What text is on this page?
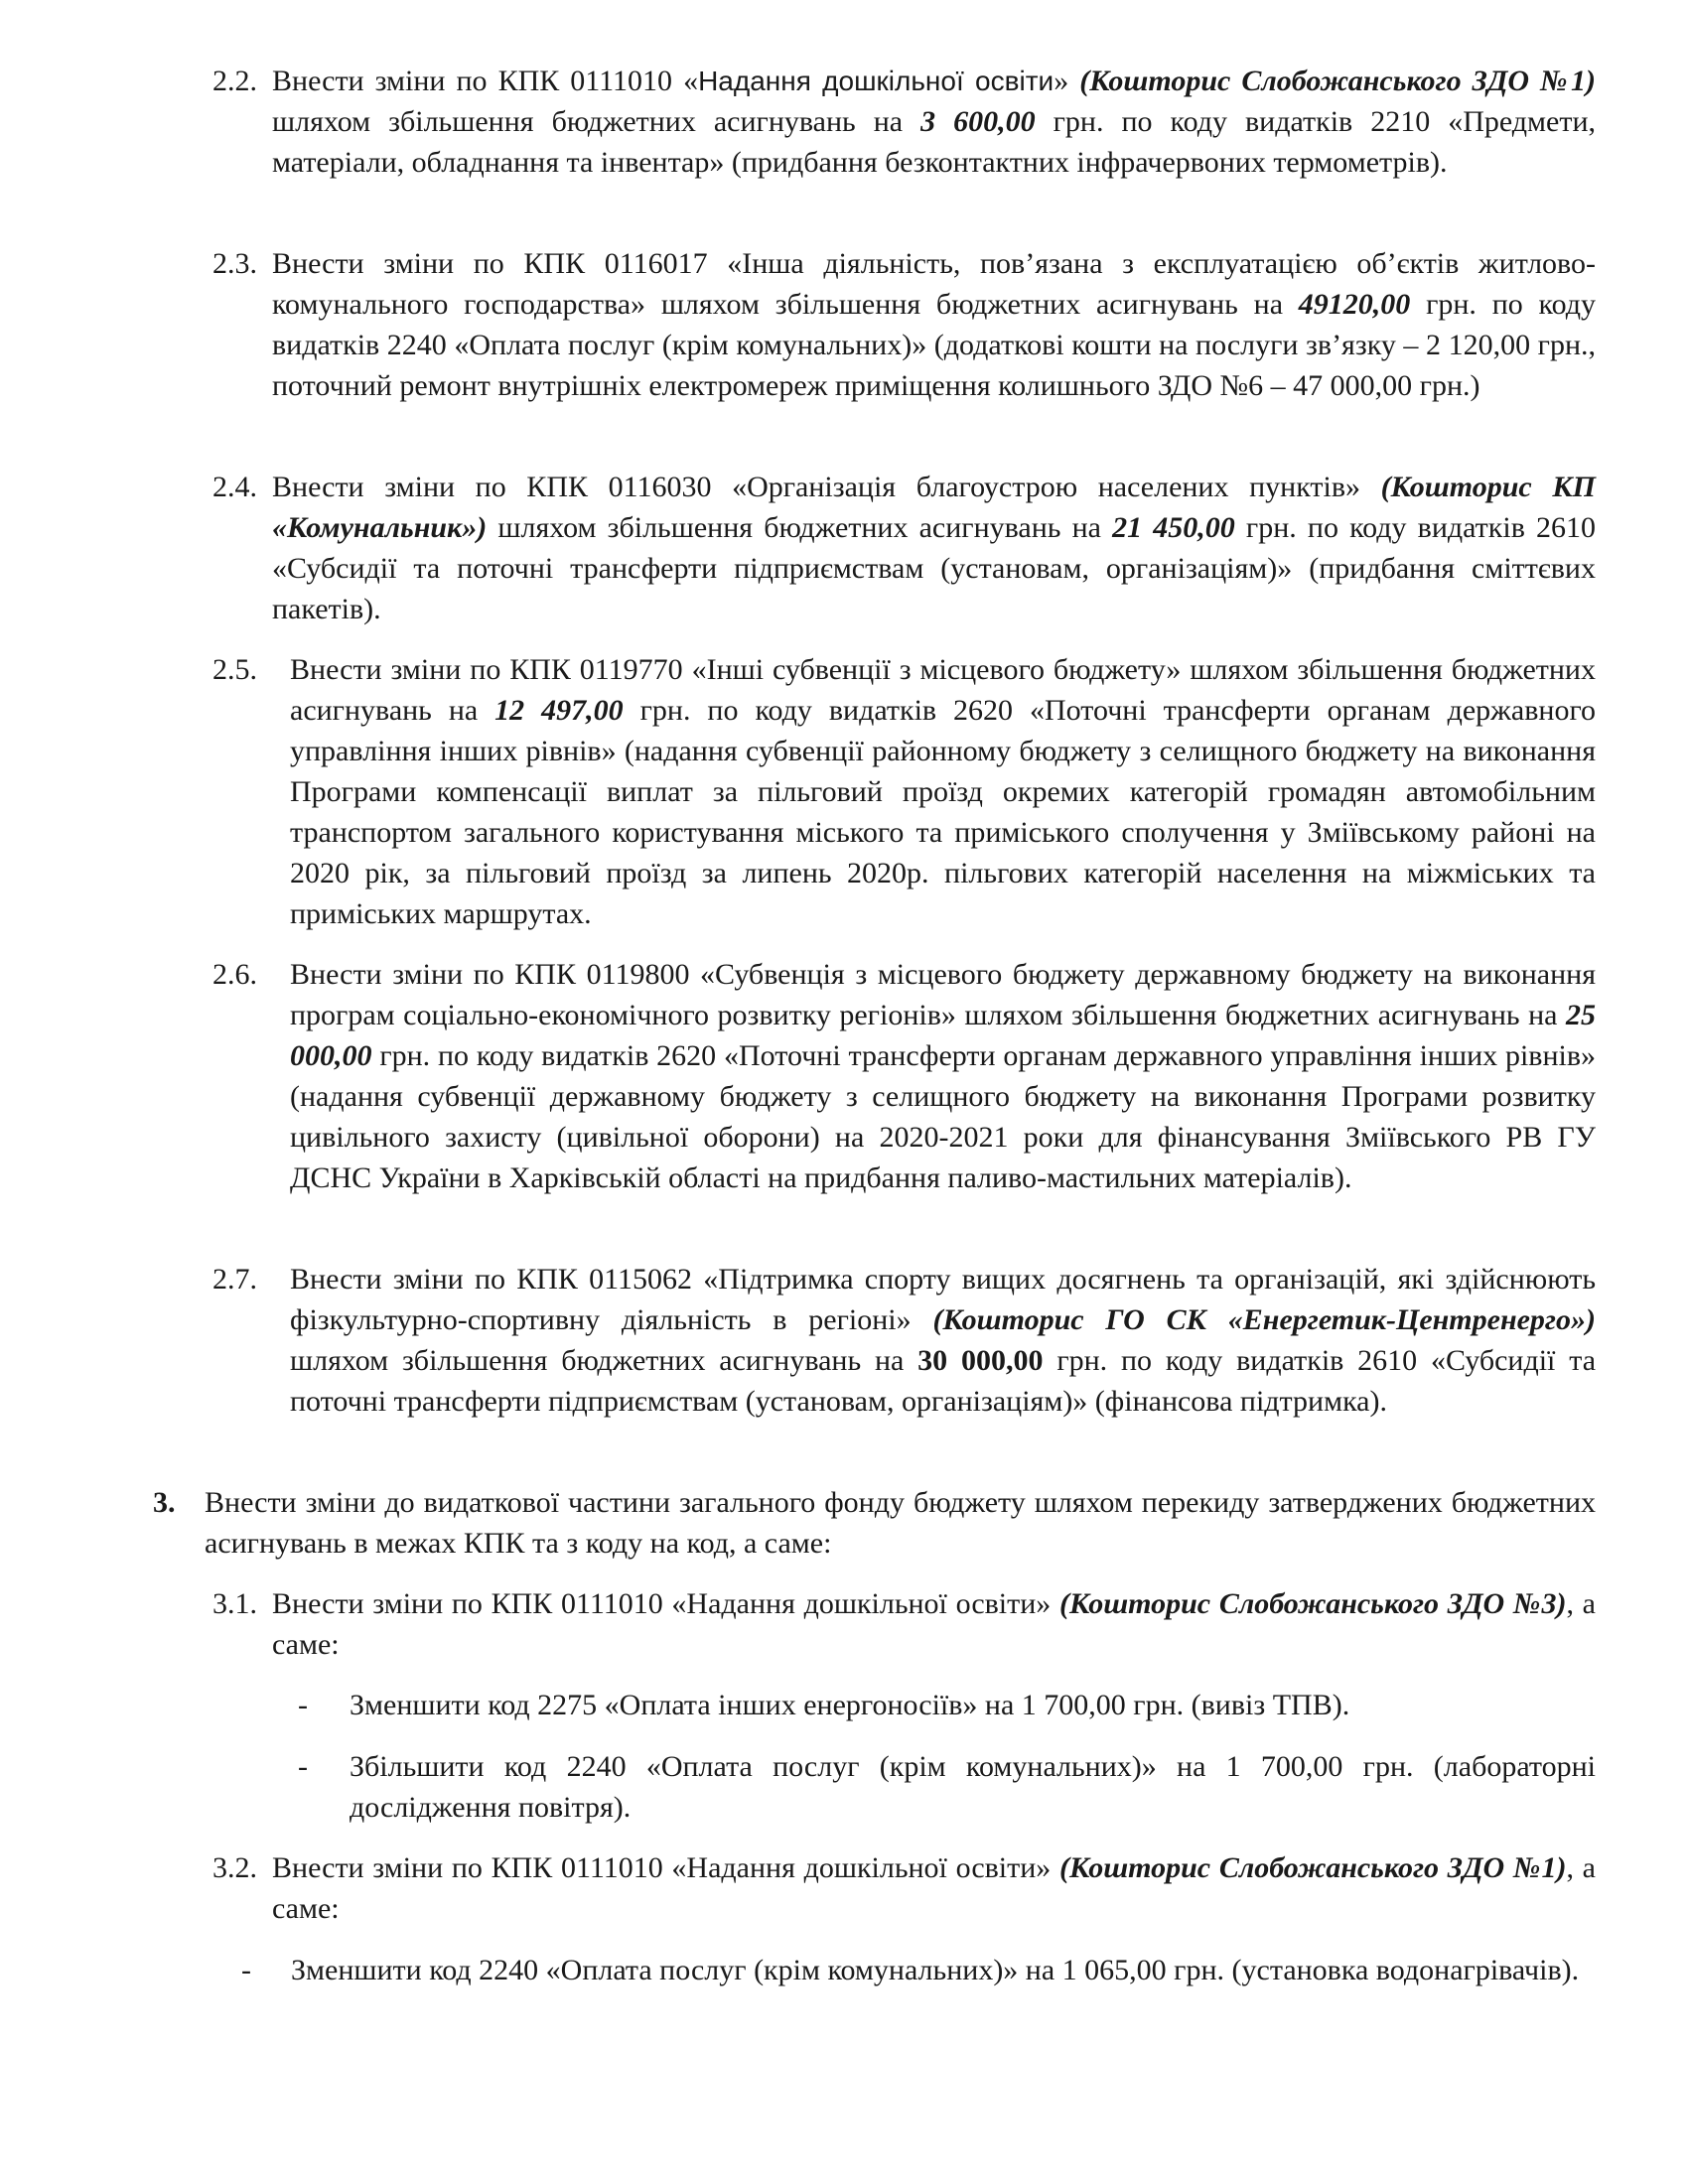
2.2. Внести зміни по КПК 0111010 «Надання дошкільної освіти» (Кошторис Слобожанського ЗДО №1) шляхом збільшення бюджетних асигнувань на 3 600,00 грн. по коду видатків 2210 «Предмети, матеріали, обладнання та інвентар» (придбання безконтактних інфрачервоних термометрів).
2.3. Внести зміни по КПК 0116017 «Інша діяльність, пов’язана з експлуатацією об’єктів житлово-комунального господарства» шляхом збільшення бюджетних асигнувань на 49120,00 грн. по коду видатків 2240 «Оплата послуг (крім комунальних)» (додаткові кошти на послуги зв’язку – 2 120,00 грн., поточний ремонт внутрішніх електромереж приміщення колишнього ЗДО №6 – 47 000,00 грн.)
2.4. Внести зміни по КПК 0116030 «Організація благоустрою населених пунктів» (Кошторис КП «Комунальник») шляхом збільшення бюджетних асигнувань на 21 450,00 грн. по коду видатків 2610 «Субсидії та поточні трансферти підприємствам (установам, організаціям)» (придбання сміттєвих пакетів).
2.5. Внести зміни по КПК 0119770 «Інші субвенції з місцевого бюджету» шляхом збільшення бюджетних асигнувань на 12 497,00 грн. по коду видатків 2620 «Поточні трансферти органам державного управління інших рівнів» (надання субвенції районному бюджету з селищного бюджету на виконання Програми компенсації виплат за пільговий проїзд окремих категорій громадян автомобільним транспортом загального користування міського та приміського сполучення у Зміївському районі на 2020 рік, за пільговий проїзд за липень 2020р. пільгових категорій населення на міжміських та приміських маршрутах.
2.6. Внести зміни по КПК 0119800 «Субвенція з місцевого бюджету державному бюджету на виконання програм соціально-економічного розвитку регіонів» шляхом збільшення бюджетних асигнувань на 25 000,00 грн. по коду видатків 2620 «Поточні трансферти органам державного управління інших рівнів» (надання субвенції державному бюджету з селищного бюджету на виконання Програми розвитку цивільного захисту (цивільної оборони) на 2020-2021 роки для фінансування Зміївського РВ ГУ ДСНС України в Харківській області на придбання паливо-мастильних матеріалів).
2.7. Внести зміни по КПК 0115062 «Підтримка спорту вищих досягнень та організацій, які здійснюють фізкультурно-спортивну діяльність в регіоні» (Кошторис ГО СК «Енергетик-Центренерго») шляхом збільшення бюджетних асигнувань на 30 000,00 грн. по коду видатків 2610 «Субсидії та поточні трансферти підприємствам (установам, організаціям)» (фінансова підтримка).
3. Внести зміни до видаткової частини загального фонду бюджету шляхом перекиду затверджених бюджетних асигнувань в межах КПК та з коду на код, а саме:
3.1. Внести зміни по КПК 0111010 «Надання дошкільної освіти» (Кошторис Слобожанського ЗДО №3), а саме:
- Зменшити код 2275 «Оплата інших енергоносіїв» на 1 700,00 грн. (вивіз ТПВ).
- Збільшити код 2240 «Оплата послуг (крім комунальних)» на 1 700,00 грн. (лабораторні дослідження повітря).
3.2. Внести зміни по КПК 0111010 «Надання дошкільної освіти» (Кошторис Слобожанського ЗДО №1), а саме:
- Зменшити код 2240 «Оплата послуг (крім комунальних)» на 1 065,00 грн. (установка водонагрівачів).
